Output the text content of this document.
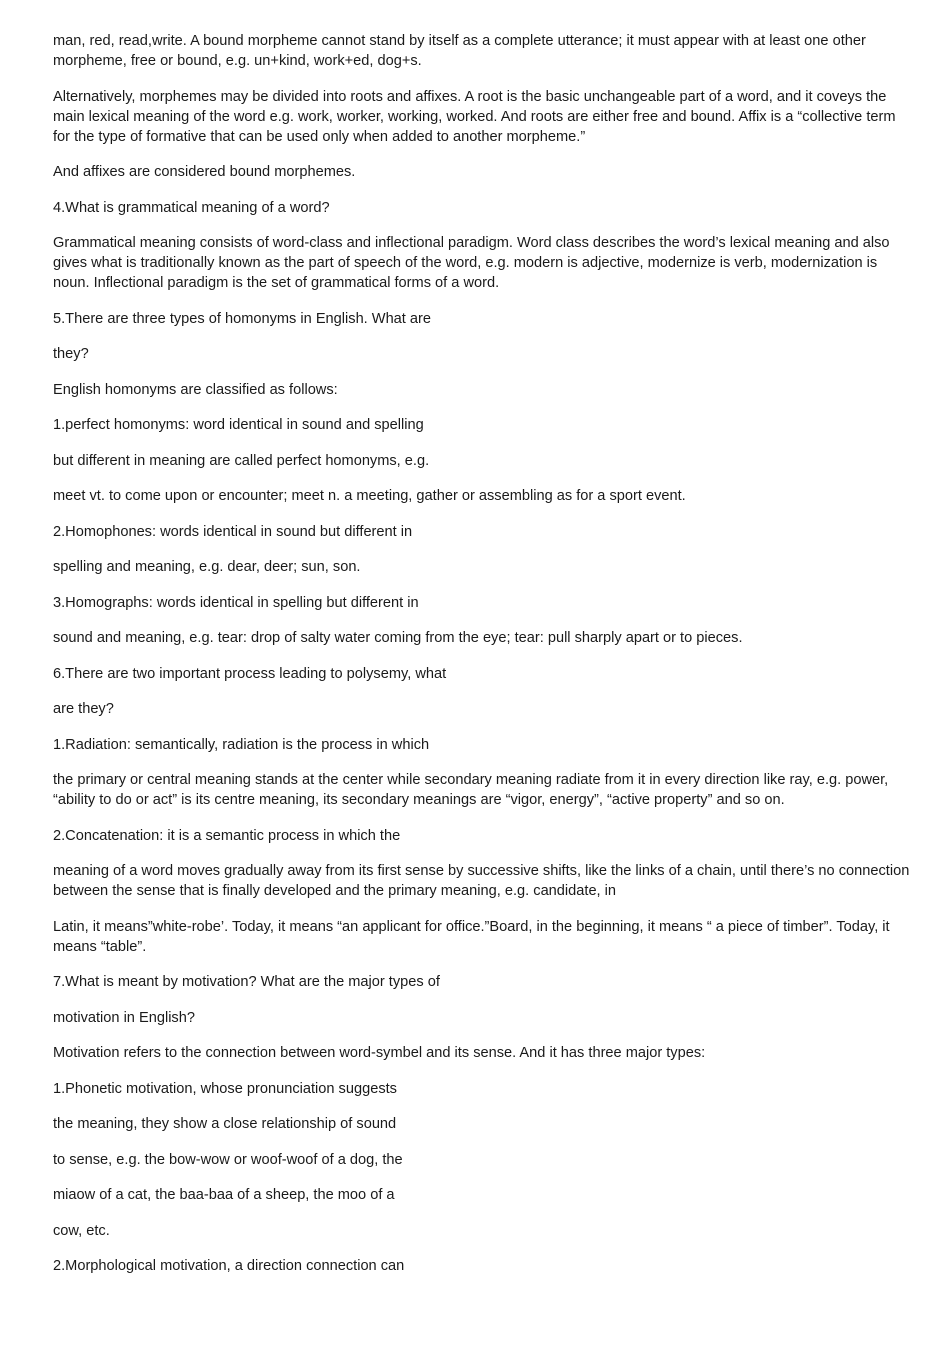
man, red, read,write. A bound morpheme cannot stand by itself as a complete utterance; it must appear with at least one other morpheme, free or bound, e.g. un+kind, work+ed, dog+s.

Alternatively, morphemes may be divided into roots and affixes. A root is the basic unchangeable part of a word, and it coveys the main lexical meaning of the word e.g. work, worker, working, worked. And roots are either free and bound. Affix is a “collective term for the type of formative that can be used only when added to another morpheme.”

And affixes are considered bound morphemes.

4.What is grammatical meaning of a word?

Grammatical meaning consists of word-class and inflectional paradigm. Word class describes the word’s lexical meaning and also gives what is traditionally known as the part of speech of the word, e.g. modern is adjective, modernize is verb, modernization is noun. Inflectional paradigm is the set of grammatical forms of a word.

5.There are three types of homonyms in English. What are

they?

English homonyms are classified as follows:

1.perfect homonyms: word identical in sound and spelling

but different in meaning are called perfect homonyms, e.g.

meet vt. to come upon or encounter; meet n. a meeting, gather or assembling as for a sport event.

2.Homophones: words identical in sound but different in

spelling and meaning, e.g. dear, deer; sun, son.

3.Homographs: words identical in spelling but different in

sound and meaning, e.g. tear: drop of salty water coming from the eye; tear: pull sharply apart or to pieces.

6.There are two important process leading to polysemy, what

are they?

1.Radiation: semantically, radiation is the process in which

the primary or central meaning stands at the center while secondary meaning radiate from it in every direction like ray, e.g. power, “ability to do or act” is its centre meaning, its secondary meanings are “vigor, energy”, “active property” and so on.

2.Concatenation: it is a semantic process in which the

meaning of a word moves gradually away from its first sense by successive shifts, like the links of a chain, until there’s no connection between the sense that is finally developed and the primary meaning, e.g. candidate, in

Latin, it means”white-robe’. Today, it means “an applicant for office.”Board, in the beginning, it means “ a piece of timber”. Today, it means “table”.

7.What is meant by motivation? What are the major types of

motivation in English?

Motivation refers to the connection between word-symbel and its sense. And it has three major types:

1.Phonetic motivation, whose pronunciation suggests

the meaning, they show a close relationship of sound

to sense, e.g. the bow-wow or woof-woof of a dog, the

miaow of a cat, the baa-baa of a sheep, the moo of a

cow, etc.

2.Morphological motivation, a direction connection can
